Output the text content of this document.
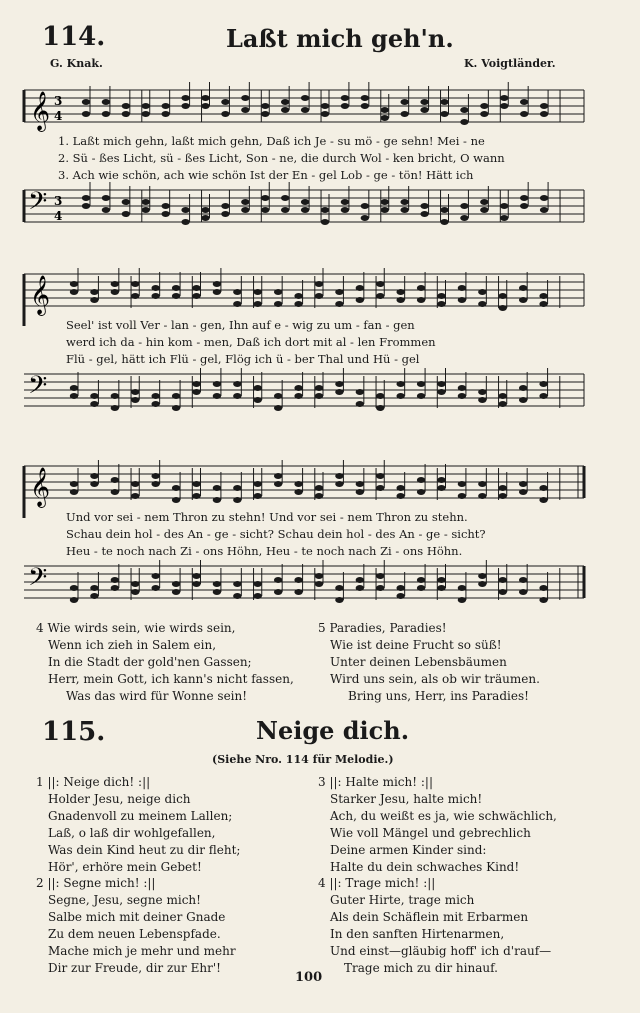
114.	Laßt mich geh'n.
G. Knak.	K. Voigtländer.
𝄞 3
4
𝄢 3
4
1. Laßt mich gehn, laßt mich gehn, Daß ich Je - su mö - ge sehn! Mei - ne
2. Sü - ßes Licht, sü - ßes Licht, Son - ne, die durch Wol - ken bricht, O wann
3. Ach wie schön, ach wie schön Ist der En - gel Lob - ge - tön! Hätt ich
𝄞
𝄢
Seel' ist voll Ver - lan - gen, Ihn auf e - wig zu um - fan - gen
werd ich da - hin kom - men, Daß ich dort mit al - len Frommen
Flü - gel, hätt ich Flü - gel, Flög ich ü - ber Thal und Hü - gel
𝄞
𝄢
Und vor sei - nem Thron zu stehn! Und vor sei - nem Thron zu stehn.
Schau dein hol - des An - ge - sicht? Schau dein hol - des An - ge - sicht?
Heu - te noch nach Zi - ons Höhn, Heu - te noch nach Zi - ons Höhn.
4 Wie wirds sein, wie wirds sein,
Wenn ich zieh in Salem ein,
In die Stadt der gold'nen Gassen;
Herr, mein Gott, ich kann's nicht fassen,
Was das wird für Wonne sein!
5 Paradies, Paradies!
Wie ist deine Frucht so süß!
Unter deinen Lebensbäumen
Wird uns sein, als ob wir träumen.
Bring uns, Herr, ins Paradies!
115.	Neige dich.
(Siehe Nro. 114 für Melodie.)
1 ||: Neige dich! :||
Holder Jesu, neige dich
Gnadenvoll zu meinem Lallen;
Laß, o laß dir wohlgefallen,
Was dein Kind heut zu dir fleht;
Hör', erhöre mein Gebet!
3 ||: Halte mich! :||
Starker Jesu, halte mich!
Ach, du weißt es ja, wie schwächlich,
Wie voll Mängel und gebrechlich
Deine armen Kinder sind:
Halte du dein schwaches Kind!
2 ||: Segne mich! :||
Segne, Jesu, segne mich!
Salbe mich mit deiner Gnade
Zu dem neuen Lebenspfade.
Mache mich je mehr und mehr
Dir zur Freude, dir zur Ehr'!
4 ||: Trage mich! :||
Guter Hirte, trage mich
Als dein Schäflein mit Erbarmen
In den sanften Hirtenarmen,
Und einst—gläubig hoff' ich d'rauf—
Trage mich zu dir hinauf.
100
